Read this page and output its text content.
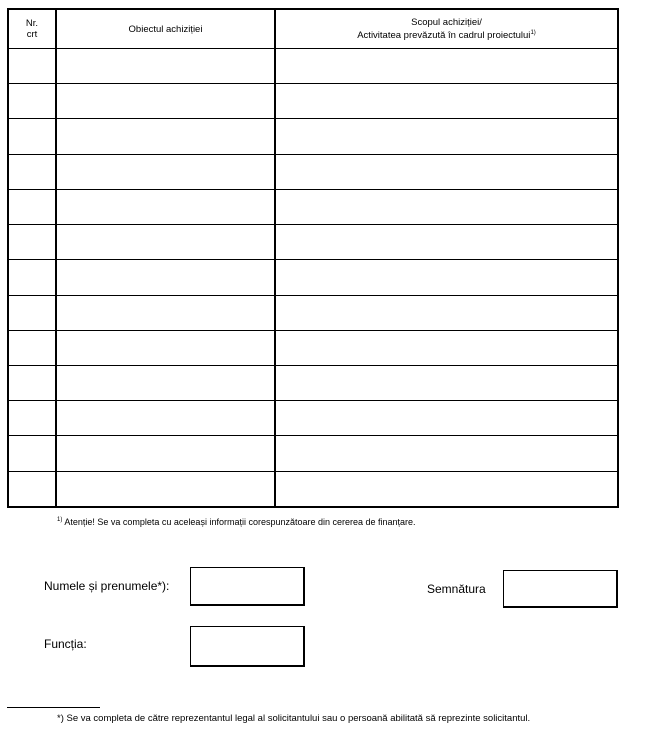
Nr.
crt	Obiectul achiziției	Scopul achiziției/
Activitatea prevăzută în cadrul proiectului$^{1)}$

$^{1)}$ Atenție! Se va completa cu aceleași informații corespunzătoare din cererea de finanțare.
Numele și prenumele*):	Semnătura
Funcția:
*) Se va completa de către reprezentantul legal al solicitantului sau o persoană abilitată să reprezinte solicitantul.
